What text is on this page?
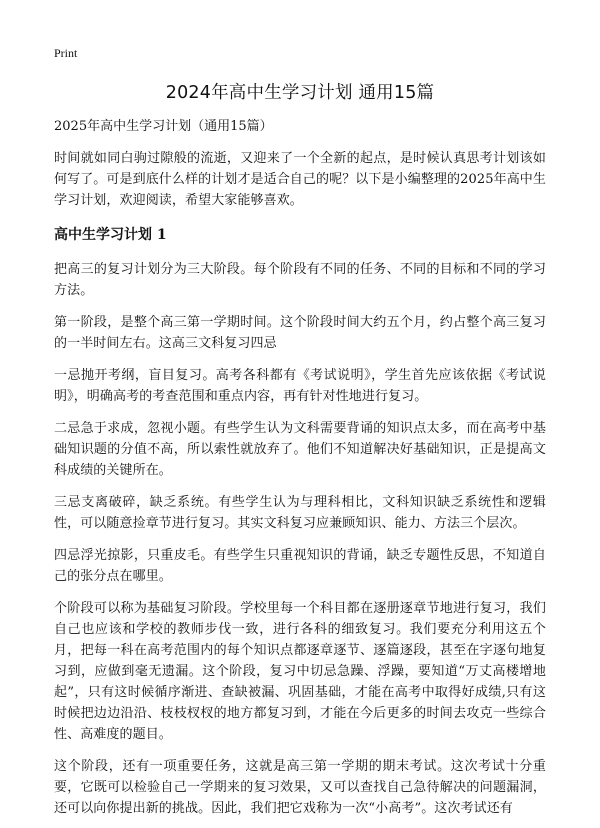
Print
2024年高中生学习计划 通用15篇
2025年高中生学习计划（通用15篇）

时间就如同白驹过隙般的流逝，又迎来了一个全新的起点，是时候认真思考计划该如何写了。可是到底什么样的计划才是适合自己的呢？以下是小编整理的2025年高中生学习计划，欢迎阅读，希望大家能够喜欢。

高中生学习计划 1

把高三的复习计划分为三大阶段。每个阶段有不同的任务、不同的目标和不同的学习方法。

第一阶段，是整个高三第一学期时间。这个阶段时间大约五个月，约占整个高三复习的一半时间左右。这高三文科复习四忌

一忌抛开考纲，盲目复习。高考各科都有《考试说明》，学生首先应该依据《考试说明》，明确高考的考查范围和重点内容，再有针对性地进行复习。

二忌急于求成，忽视小题。有些学生认为文科需要背诵的知识点太多，而在高考中基础知识题的分值不高，所以索性就放弃了。他们不知道解决好基础知识，正是提高文科成绩的关键所在。

三忌支离破碎，缺乏系统。有些学生认为与理科相比，文科知识缺乏系统性和逻辑性，可以随意捡章节进行复习。其实文科复习应兼顾知识、能力、方法三个层次。

四忌浮光掠影，只重皮毛。有些学生只重视知识的背诵，缺乏专题性反思，不知道自己的张分点在哪里。

个阶段可以称为基础复习阶段。学校里每一个科目都在逐册逐章节地进行复习，我们自己也应该和学校的教师步伐一致，进行各科的细致复习。我们要充分利用这五个月，把每一科在高考范围内的每个知识点都逐章逐节、逐篇逐段，甚至在字逐句地复习到，应做到毫无遗漏。这个阶段，复习中切忌急躁、浮躁，要知道“万丈高楼增地起”，只有这时候循序渐进、查缺被漏、巩固基础，才能在高考中取得好成绩,只有这时候把边边沿沿、枝枝杈杈的地方都复习到，才能在今后更多的时间去攻克一些综合性、高难度的题目。

这个阶段，还有一项重要任务，这就是高三第一学期的期末考试。这次考试十分重要，它既可以检验自己一学期来的复习效果，又可以查找自己急待解决的问题漏洞，还可以向你提出新的挑战。因此，我们把它戏称为一次“小高考”。这次考试还有
